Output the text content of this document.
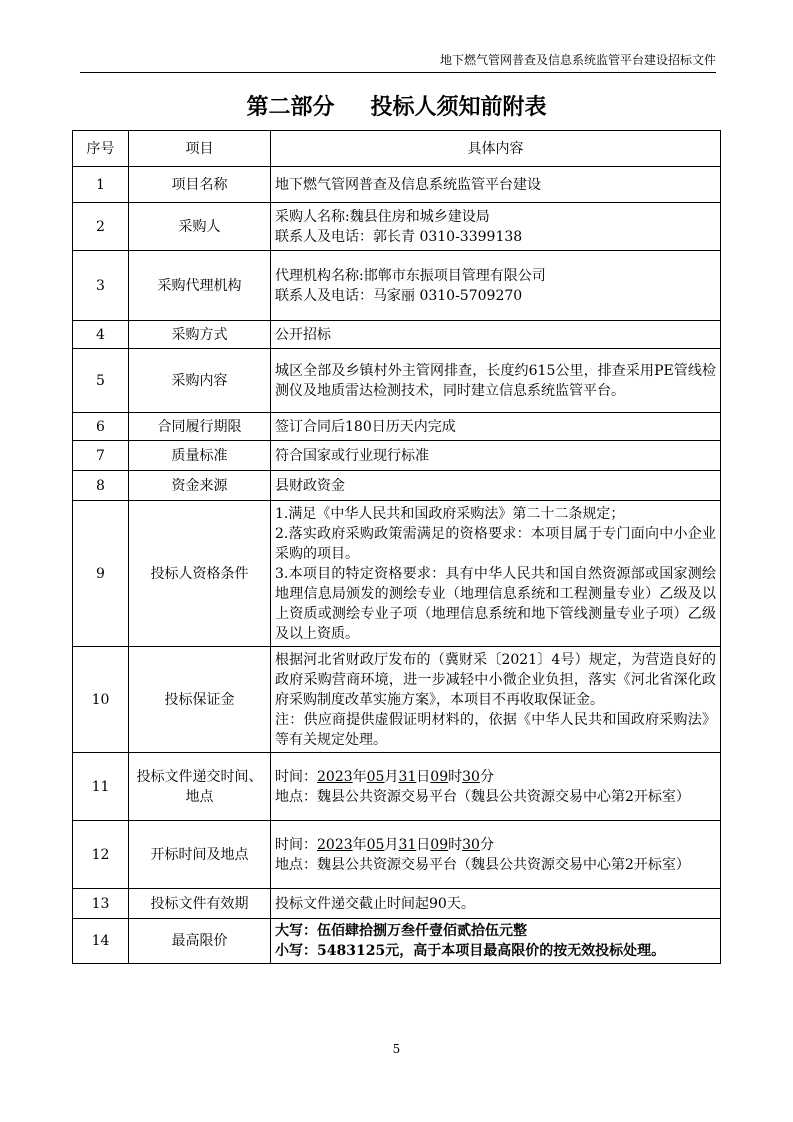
地下燃气管网普查及信息系统监管平台建设招标文件
第二部分 投标人须知前附表
序号	项目	具体内容
1	项目名称	地下燃气管网普查及信息系统监管平台建设

2	采购人	采购人名称:魏县住房和城乡建设局
联系人及电话：郭长青 0310-3399138

3	采购代理机构	代理机构名称:邯郸市东振项目管理有限公司
联系人及电话：马家丽 0310-5709270

4	采购方式	公开招标

5	采购内容	城区全部及乡镇村外主管网排查，长度约615公里，排查采用PE管线检测仪及地质雷达检测技术，同时建立信息系统监管平台。

6	合同履行期限	签订合同后180日历天内完成

7	质量标准	符合国家或行业现行标准

8	资金来源	县财政资金

9	投标人资格条件	1.满足《中华人民共和国政府采购法》第二十二条规定；
2.落实政府采购政策需满足的资格要求：本项目属于专门面向中小企业采购的项目。
3.本项目的特定资格要求：具有中华人民共和国自然资源部或国家测绘地理信息局颁发的测绘专业（地理信息系统和工程测量专业）乙级及以上资质或测绘专业子项（地理信息系统和地下管线测量专业子项）乙级及以上资质。

10	投标保证金	根据河北省财政厅发布的（冀财采〔2021〕4号）规定，为营造良好的政府采购营商环境，进一步减轻中小微企业负担，落实《河北省深化政府采购制度改革实施方案》，本项目不再收取保证金。
注：供应商提供虚假证明材料的，依据《中华人民共和国政府采购法》等有关规定处理。

11	投标文件递交时间、地点	时间：2023年05月31日09时30分
地点：魏县公共资源交易平台（魏县公共资源交易中心第2开标室）

12	开标时间及地点	时间：2023年05月31日09时30分
地点：魏县公共资源交易平台（魏县公共资源交易中心第2开标室）

13	投标文件有效期	投标文件递交截止时间起90天。

14	最高限价	大写：伍佰肆拾捌万叁仟壹佰贰拾伍元整
小写：5483125元，高于本项目最高限价的按无效投标处理。
5
